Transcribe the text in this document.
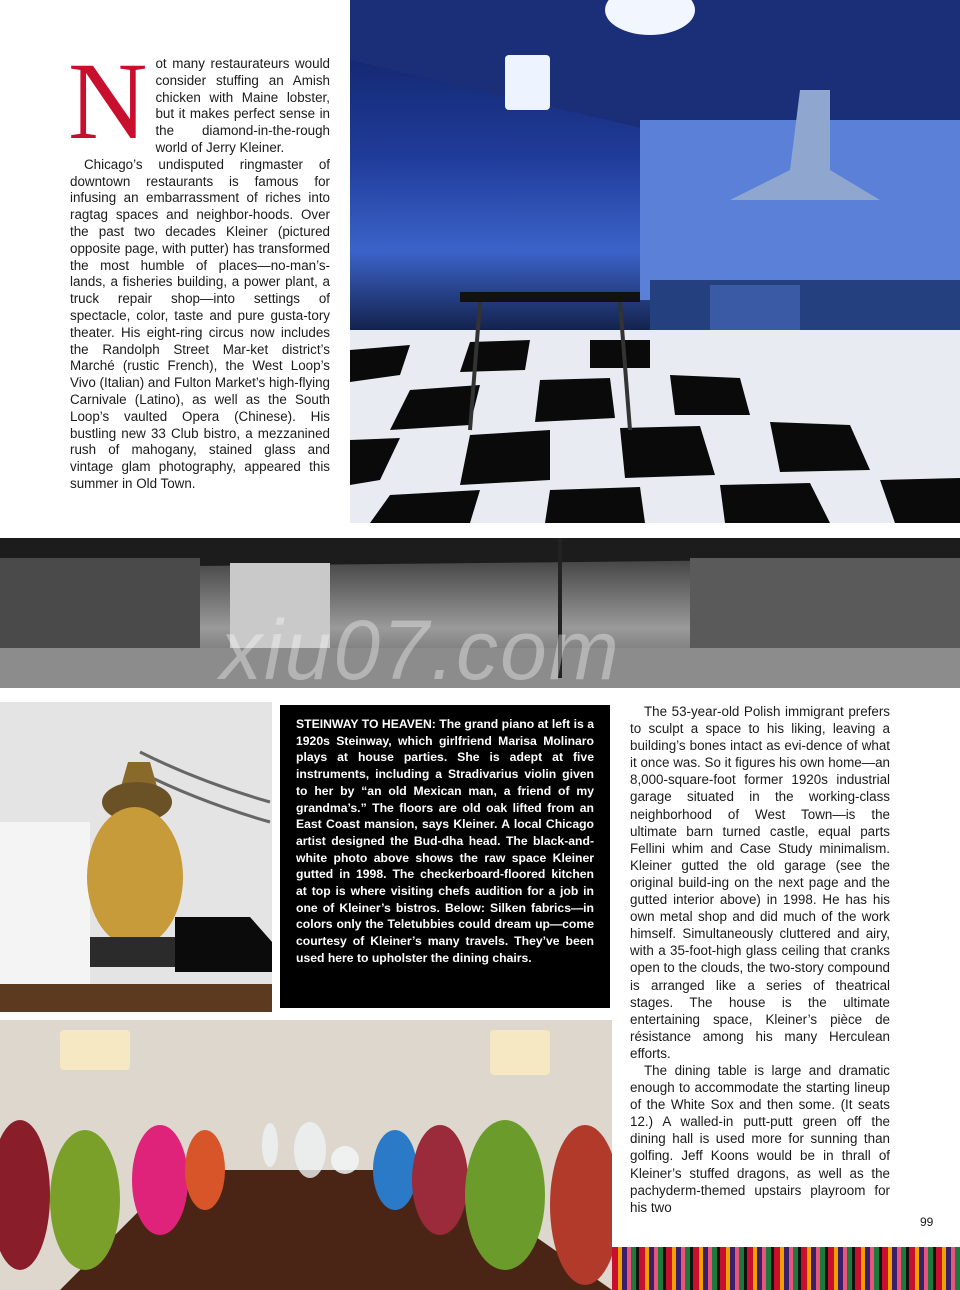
Not many restaurateurs would consider stuffing an Amish chicken with Maine lobster, but it makes perfect sense in the diamond-in-the-rough world of Jerry Kleiner.

Chicago’s undisputed ringmaster of downtown restaurants is famous for infusing an embarrassment of riches into ragtag spaces and neighbor-hoods. Over the past two decades Kleiner (pictured opposite page, with putter) has transformed the most humble of places—no-man’s-lands, a fisheries building, a power plant, a truck repair shop—into settings of spectacle, color, taste and pure gusta-tory theater. His eight-ring circus now includes the Randolph Street Mar-ket district’s Marché (rustic French), the West Loop’s Vivo (Italian) and Fulton Market’s high-flying Carnivale (Latino), as well as the South Loop’s vaulted Opera (Chinese). His bustling new 33 Club bistro, a mezzanined rush of mahogany, stained glass and vintage glam photography, appeared this summer in Old Town.

STEINWAY TO HEAVEN: The grand piano at left is a 1920s Steinway, which girlfriend Marisa Molinaro plays at house parties. She is adept at five instruments, including a Stradivarius violin given to her by “an old Mexican man, a friend of my grandma’s.” The floors are old oak lifted from an East Coast mansion, says Kleiner. A local Chicago artist designed the Bud-dha head. The black-and-white photo above shows the raw space Kleiner gutted in 1998. The checkerboard-floored kitchen at top is where visiting chefs audition for a job in one of Kleiner’s bistros. Below: Silken fabrics—in colors only the Teletubbies could dream up—come courtesy of Kleiner’s many travels. They’ve been used here to upholster the dining chairs.

The 53-year-old Polish immigrant prefers to sculpt a space to his liking, leaving a building’s bones intact as evi-dence of what it once was. So it figures his own home—an 8,000-square-foot former 1920s industrial garage situated in the working-class neighborhood of West Town—is the ultimate barn turned castle, equal parts Fellini whim and Case Study minimalism. Kleiner gutted the old garage (see the original build-ing on the next page and the gutted interior above) in 1998. He has his own metal shop and did much of the work himself. Simultaneously cluttered and airy, with a 35-foot-high glass ceiling that cranks open to the clouds, the two-story compound is arranged like a series of theatrical stages. The house is the ultimate entertaining space, Kleiner’s pièce de résistance among his many Herculean efforts.

The dining table is large and dramatic enough to accommodate the starting lineup of the White Sox and then some. (It seats 12.) A walled-in putt-putt green off the dining hall is used more for sunning than golfing. Jeff Koons would be in thrall of Kleiner’s stuffed dragons, as well as the pachyderm-themed upstairs playroom for his two

99
xiu07.com
